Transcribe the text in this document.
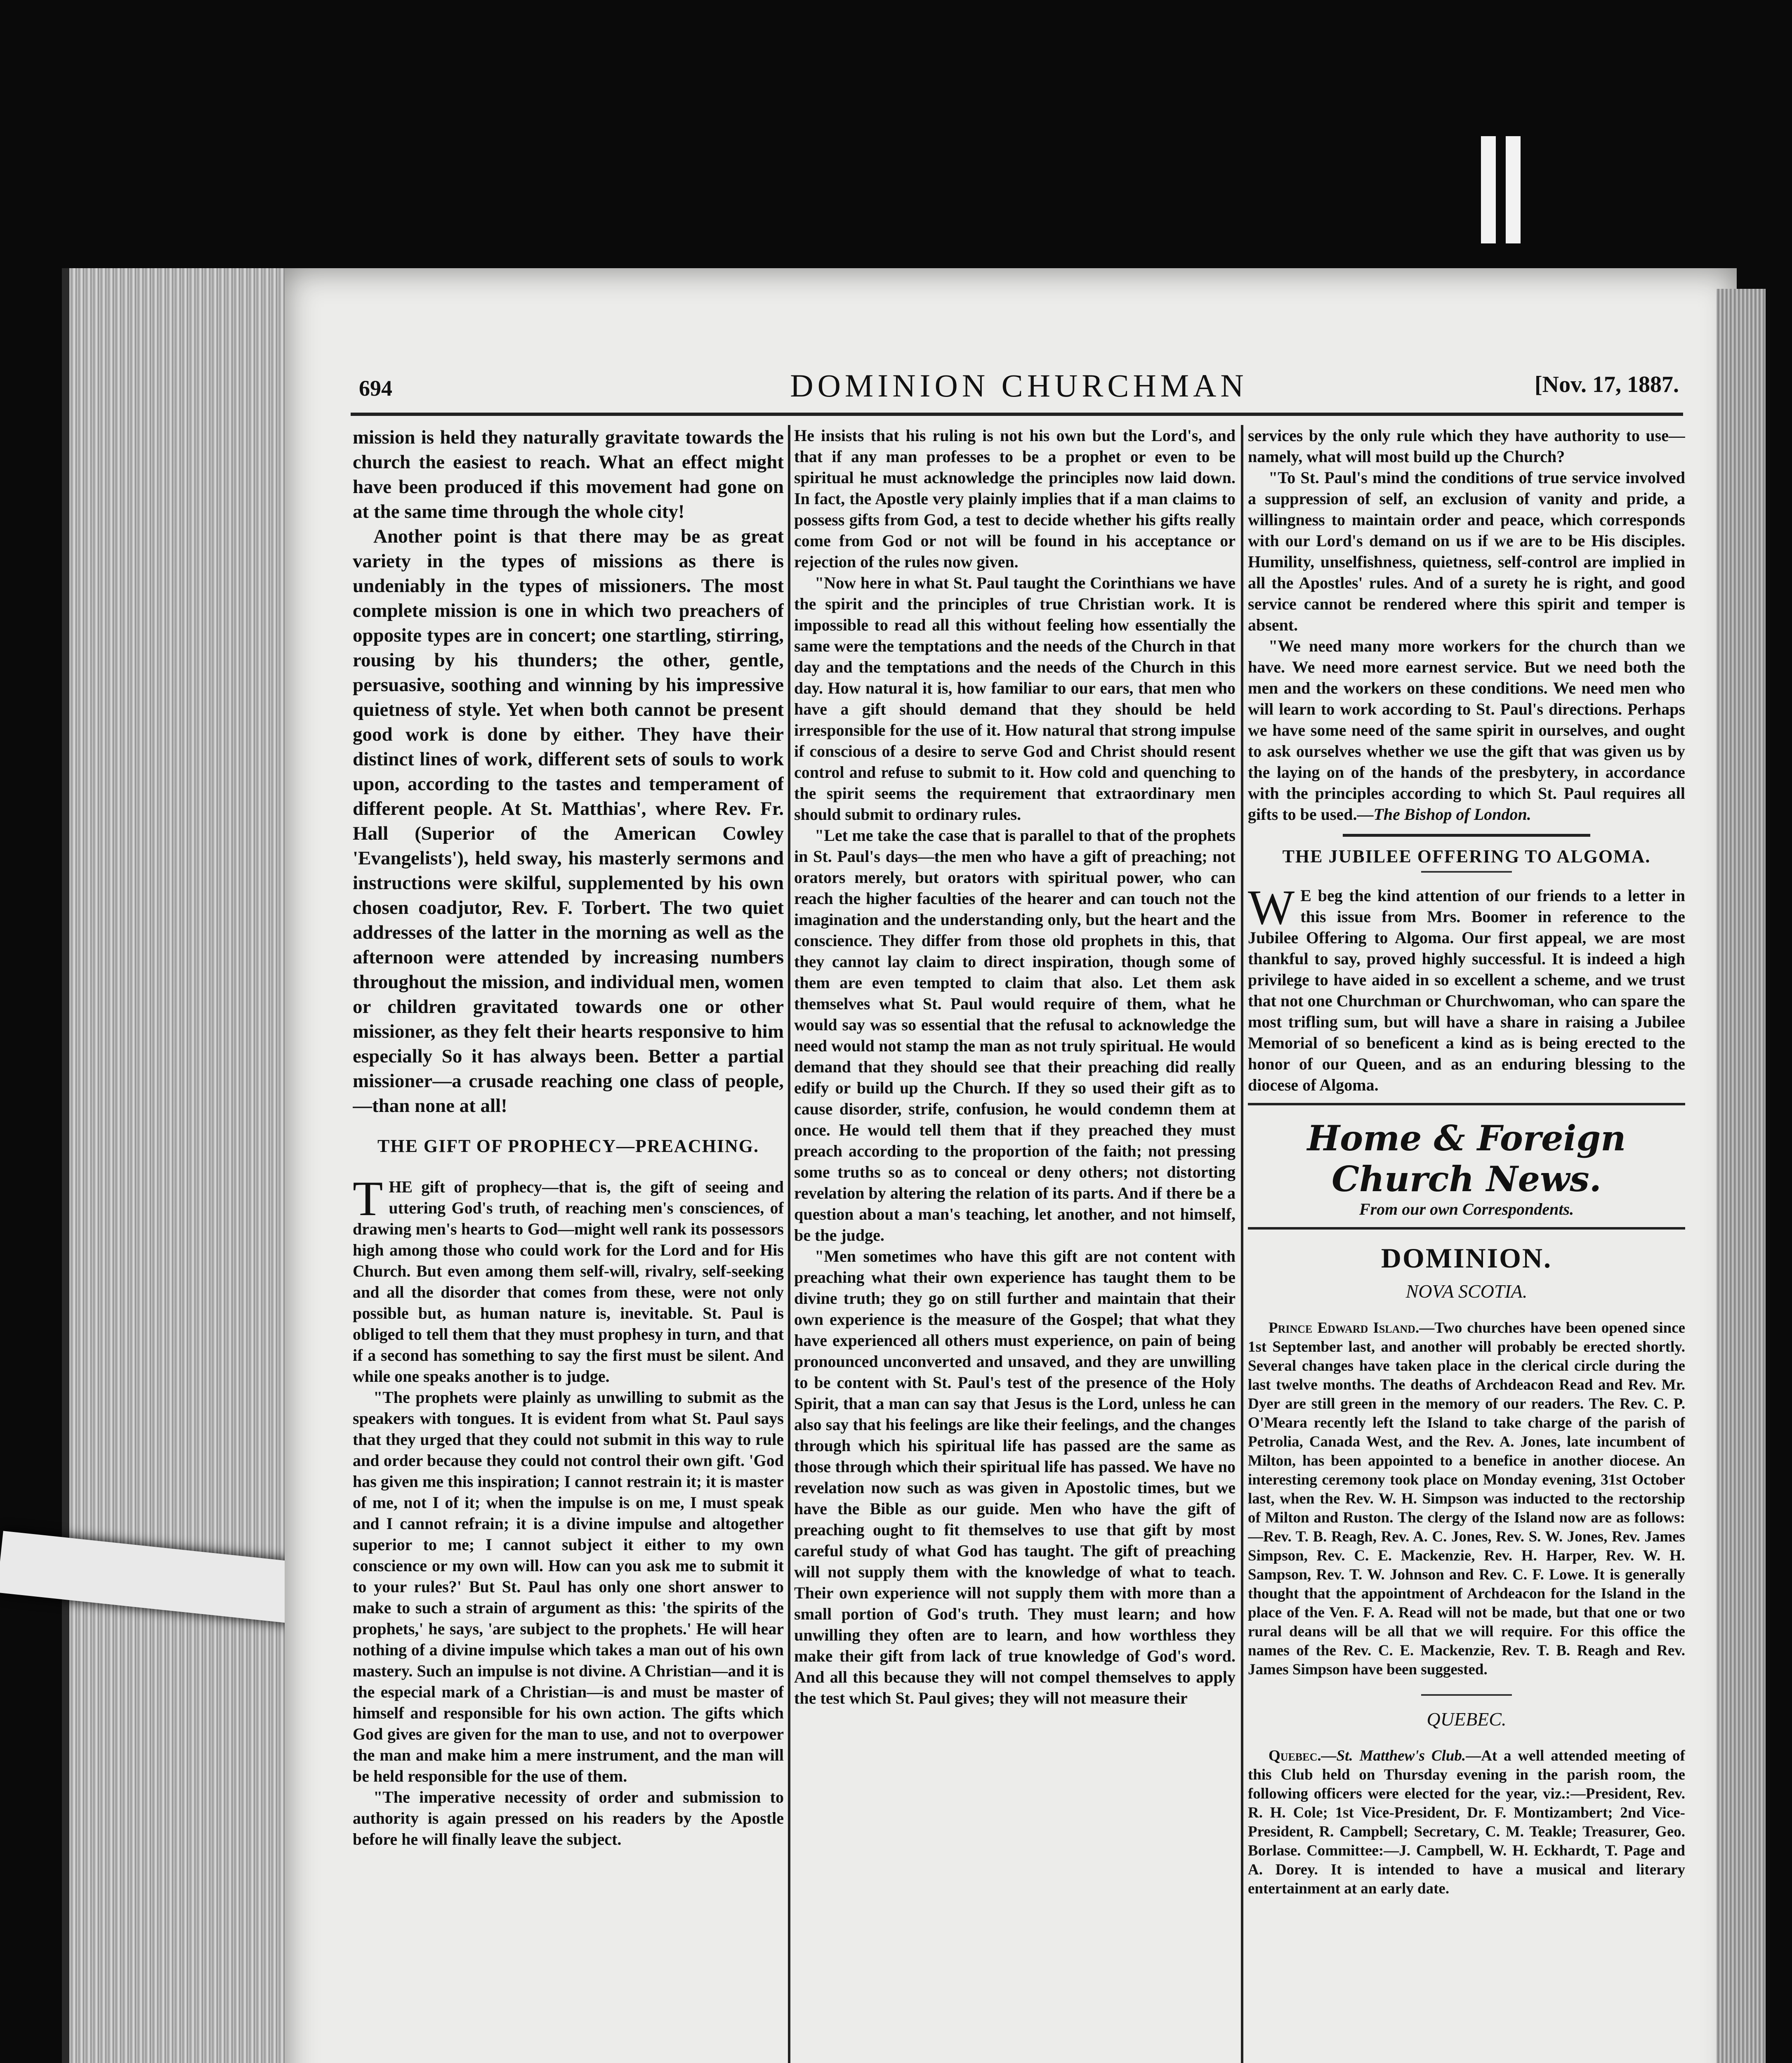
694	DOMINION CHURCHMAN	[Nov. 17, 1887.

mission is held they naturally gravitate towards the church the easiest to reach. What an effect might have been produced if this movement had gone on at the same time through the whole city!

Another point is that there may be as great variety in the types of missions as there is undeniably in the types of missioners. The most complete mission is one in which two preachers of opposite types are in concert; one startling, stirring, rousing by his thunders; the other, gentle, persuasive, soothing and winning by his impressive quietness of style. Yet when both cannot be present good work is done by either. They have their distinct lines of work, different sets of souls to work upon, according to the tastes and temperament of different people. At St. Matthias', where Rev. Fr. Hall (Superior of the American Cowley 'Evangelists'), held sway, his masterly sermons and instructions were skilful, supplemented by his own chosen coadjutor, Rev. F. Torbert. The two quiet addresses of the latter in the morning as well as the afternoon were attended by increasing numbers throughout the mission, and individual men, women or children gravitated towards one or other missioner, as they felt their hearts responsive to him especially So it has always been. Better a partial missioner—a crusade reaching one class of people,—than none at all!

THE GIFT OF PROPHECY—PREACHING.

T HE gift of prophecy—that is, the gift of seeing and uttering God's truth, of reaching men's consciences, of drawing men's hearts to God—might well rank its possessors high among those who could work for the Lord and for His Church. But even among them self-will, rivalry, self-seeking and all the disorder that comes from these, were not only possible but, as human nature is, inevitable. St. Paul is obliged to tell them that they must prophesy in turn, and that if a second has something to say the first must be silent. And while one speaks another is to judge.

"The prophets were plainly as unwilling to submit as the speakers with tongues. It is evident from what St. Paul says that they urged that they could not submit in this way to rule and order because they could not control their own gift. 'God has given me this inspiration; I cannot restrain it; it is master of me, not I of it; when the impulse is on me, I must speak and I cannot refrain; it is a divine impulse and altogether superior to me; I cannot subject it either to my own conscience or my own will. How can you ask me to submit it to your rules?' But St. Paul has only one short answer to make to such a strain of argument as this: 'the spirits of the prophets,' he says, 'are subject to the prophets.' He will hear nothing of a divine impulse which takes a man out of his own mastery. Such an impulse is not divine. A Christian—and it is the especial mark of a Christian—is and must be master of himself and responsible for his own action. The gifts which God gives are given for the man to use, and not to overpower the man and make him a mere instrument, and the man will be held responsible for the use of them.

"The imperative necessity of order and submission to authority is again pressed on his readers by the Apostle before he will finally leave the subject.

He insists that his ruling is not his own but the Lord's, and that if any man professes to be a prophet or even to be spiritual he must acknowledge the principles now laid down. In fact, the Apostle very plainly implies that if a man claims to possess gifts from God, a test to decide whether his gifts really come from God or not will be found in his acceptance or rejection of the rules now given.

"Now here in what St. Paul taught the Corinthians we have the spirit and the principles of true Christian work. It is impossible to read all this without feeling how essentially the same were the temptations and the needs of the Church in that day and the temptations and the needs of the Church in this day. How natural it is, how familiar to our ears, that men who have a gift should demand that they should be held irresponsible for the use of it. How natural that strong impulse if conscious of a desire to serve God and Christ should resent control and refuse to submit to it. How cold and quenching to the spirit seems the requirement that extraordinary men should submit to ordinary rules.

"Let me take the case that is parallel to that of the prophets in St. Paul's days—the men who have a gift of preaching; not orators merely, but orators with spiritual power, who can reach the higher faculties of the hearer and can touch not the imagination and the understanding only, but the heart and the conscience. They differ from those old prophets in this, that they cannot lay claim to direct inspiration, though some of them are even tempted to claim that also. Let them ask themselves what St. Paul would require of them, what he would say was so essential that the refusal to acknowledge the need would not stamp the man as not truly spiritual. He would demand that they should see that their preaching did really edify or build up the Church. If they so used their gift as to cause disorder, strife, confusion, he would condemn them at once. He would tell them that if they preached they must preach according to the proportion of the faith; not pressing some truths so as to conceal or deny others; not distorting revelation by altering the relation of its parts. And if there be a question about a man's teaching, let another, and not himself, be the judge.

"Men sometimes who have this gift are not content with preaching what their own experience has taught them to be divine truth; they go on still further and maintain that their own experience is the measure of the Gospel; that what they have experienced all others must experience, on pain of being pronounced unconverted and unsaved, and they are unwilling to be content with St. Paul's test of the presence of the Holy Spirit, that a man can say that Jesus is the Lord, unless he can also say that his feelings are like their feelings, and the changes through which his spiritual life has passed are the same as those through which their spiritual life has passed. We have no revelation now such as was given in Apostolic times, but we have the Bible as our guide. Men who have the gift of preaching ought to fit themselves to use that gift by most careful study of what God has taught. The gift of preaching will not supply them with the knowledge of what to teach. Their own experience will not supply them with more than a small portion of God's truth. They must learn; and how unwilling they often are to learn, and how worthless they make their gift from lack of true knowledge of God's word. And all this because they will not compel themselves to apply the test which St. Paul gives; they will not measure their

services by the only rule which they have authority to use—namely, what will most build up the Church?

"To St. Paul's mind the conditions of true service involved a suppression of self, an exclusion of vanity and pride, a willingness to maintain order and peace, which corresponds with our Lord's demand on us if we are to be His disciples. Humility, unselfishness, quietness, self-control are implied in all the Apostles' rules. And of a surety he is right, and good service cannot be rendered where this spirit and temper is absent.

"We need many more workers for the church than we have. We need more earnest service. But we need both the men and the workers on these conditions. We need men who will learn to work according to St. Paul's directions. Perhaps we have some need of the same spirit in ourselves, and ought to ask ourselves whether we use the gift that was given us by the laying on of the hands of the presbytery, in accordance with the principles according to which St. Paul requires all gifts to be used.—The Bishop of London.

THE JUBILEE OFFERING TO ALGOMA.

W E beg the kind attention of our friends to a letter in this issue from Mrs. Boomer in reference to the Jubilee Offering to Algoma. Our first appeal, we are most thankful to say, proved highly successful. It is indeed a high privilege to have aided in so excellent a scheme, and we trust that not one Churchman or Churchwoman, who can spare the most trifling sum, but will have a share in raising a Jubilee Memorial of so beneficent a kind as is being erected to the honor of our Queen, and as an enduring blessing to the diocese of Algoma.

Home & Foreign Church News.
From our own Correspondents.
DOMINION.
NOVA SCOTIA.

Prince Edward Island.—Two churches have been opened since 1st September last, and another will probably be erected shortly. Several changes have taken place in the clerical circle during the last twelve months. The deaths of Archdeacon Read and Rev. Mr. Dyer are still green in the memory of our readers. The Rev. C. P. O'Meara recently left the Island to take charge of the parish of Petrolia, Canada West, and the Rev. A. Jones, late incumbent of Milton, has been appointed to a benefice in another diocese. An interesting ceremony took place on Monday evening, 31st October last, when the Rev. W. H. Simpson was inducted to the rectorship of Milton and Ruston. The clergy of the Island now are as follows:—Rev. T. B. Reagh, Rev. A. C. Jones, Rev. S. W. Jones, Rev. James Simpson, Rev. C. E. Mackenzie, Rev. H. Harper, Rev. W. H. Sampson, Rev. T. W. Johnson and Rev. C. F. Lowe. It is generally thought that the appointment of Archdeacon for the Island in the place of the Ven. F. A. Read will not be made, but that one or two rural deans will be all that we will require. For this office the names of the Rev. C. E. Mackenzie, Rev. T. B. Reagh and Rev. James Simpson have been suggested.

QUEBEC.

Quebec.—St. Matthew's Club.—At a well attended meeting of this Club held on Thursday evening in the parish room, the following officers were elected for the year, viz.:—President, Rev. R. H. Cole; 1st Vice-President, Dr. F. Montizambert; 2nd Vice-President, R. Campbell; Secretary, C. M. Teakle; Treasurer, Geo. Borlase. Committee:—J. Campbell, W. H. Eckhardt, T. Page and A. Dorey. It is intended to have a musical and literary entertainment at an early date.
